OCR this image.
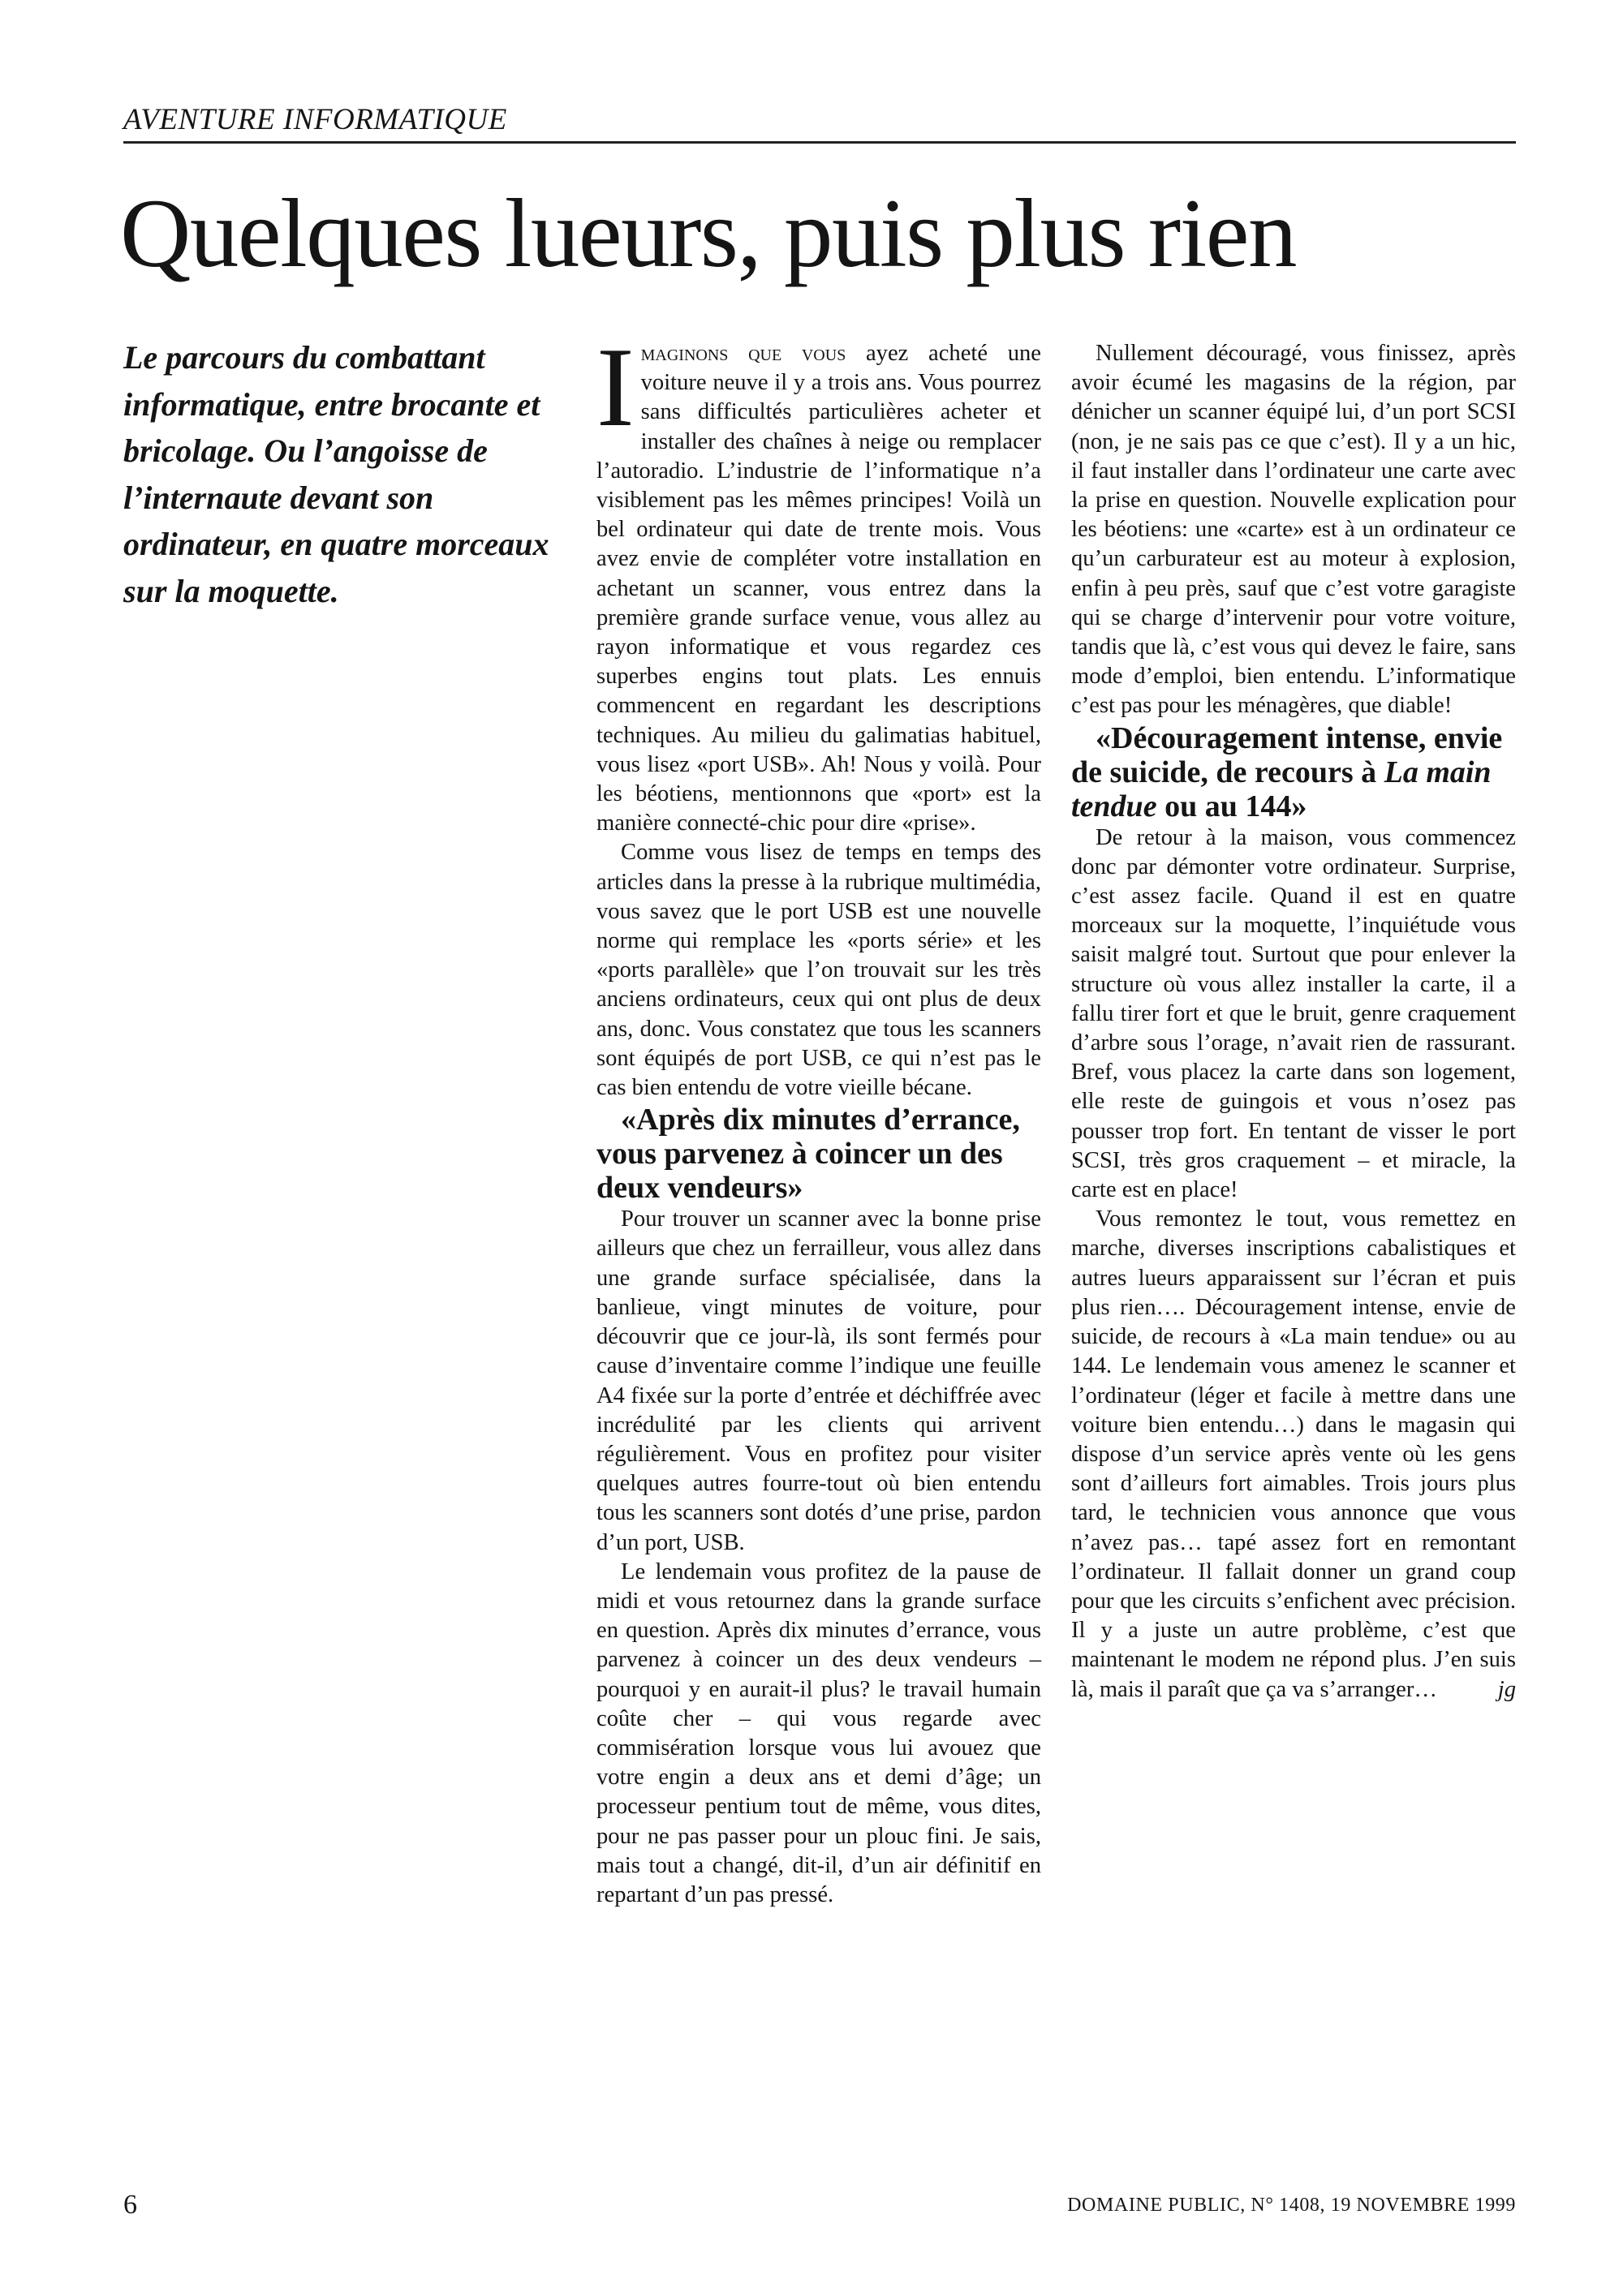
AVENTURE INFORMATIQUE
Quelques lueurs, puis plus rien

Le parcours du combattant informatique, entre brocante et bricolage. Ou l’angoisse de l’internaute devant son ordinateur, en quatre morceaux sur la moquette.

Imaginons que vous ayez acheté une voiture neuve il y a trois ans. Vous pourrez sans difficultés particulières acheter et installer des chaînes à neige ou remplacer l’autoradio. L’industrie de l’informatique n’a visiblement pas les mêmes principes! Voilà un bel ordinateur qui date de trente mois. Vous avez envie de compléter votre installation en achetant un scanner, vous entrez dans la première grande surface venue, vous allez au rayon informatique et vous regardez ces superbes engins tout plats. Les ennuis commencent en regardant les descriptions techniques. Au milieu du galimatias habituel, vous lisez «port USB». Ah! Nous y voilà. Pour les béotiens, mentionnons que «port» est la manière connecté-chic pour dire «prise».

Comme vous lisez de temps en temps des articles dans la presse à la rubrique multimédia, vous savez que le port USB est une nouvelle norme qui remplace les «ports série» et les «ports parallèle» que l’on trouvait sur les très anciens ordinateurs, ceux qui ont plus de deux ans, donc. Vous constatez que tous les scanners sont équipés de port USB, ce qui n’est pas le cas bien entendu de votre vieille bécane.

«Après dix minutes d’errance, vous parvenez à coincer un des deux vendeurs»

Pour trouver un scanner avec la bonne prise ailleurs que chez un ferrailleur, vous allez dans une grande surface spécialisée, dans la banlieue, vingt minutes de voiture, pour découvrir que ce jour-là, ils sont fermés pour cause d’inventaire comme l’indique une feuille A4 fixée sur la porte d’entrée et déchiffrée avec incrédulité par les clients qui arrivent régulièrement. Vous en profitez pour visiter quelques autres fourre-tout où bien entendu tous les scanners sont dotés d’une prise, pardon d’un port, USB.

Le lendemain vous profitez de la pause de midi et vous retournez dans la grande surface en question. Après dix minutes d’errance, vous parvenez à coincer un des deux vendeurs – pourquoi y en aurait-il plus? le travail humain coûte cher – qui vous regarde avec commisération lorsque vous lui avouez que votre engin a deux ans et demi d’âge; un processeur pentium tout de même, vous dites, pour ne pas passer pour un plouc fini. Je sais, mais tout a changé, dit-il, d’un air définitif en repartant d’un pas pressé.

Nullement découragé, vous finissez, après avoir écumé les magasins de la région, par dénicher un scanner équipé lui, d’un port SCSI (non, je ne sais pas ce que c’est). Il y a un hic, il faut installer dans l’ordinateur une carte avec la prise en question. Nouvelle explication pour les béotiens: une «carte» est à un ordinateur ce qu’un carburateur est au moteur à explosion, enfin à peu près, sauf que c’est votre garagiste qui se charge d’intervenir pour votre voiture, tandis que là, c’est vous qui devez le faire, sans mode d’emploi, bien entendu. L’informatique c’est pas pour les ménagères, que diable!

«Découragement intense, envie de suicide, de recours à La main tendue ou au 144»

De retour à la maison, vous commencez donc par démonter votre ordinateur. Surprise, c’est assez facile. Quand il est en quatre morceaux sur la moquette, l’inquiétude vous saisit malgré tout. Surtout que pour enlever la structure où vous allez installer la carte, il a fallu tirer fort et que le bruit, genre craquement d’arbre sous l’orage, n’avait rien de rassurant. Bref, vous placez la carte dans son logement, elle reste de guingois et vous n’osez pas pousser trop fort. En tentant de visser le port SCSI, très gros craquement – et miracle, la carte est en place!

Vous remontez le tout, vous remettez en marche, diverses inscriptions cabalistiques et autres lueurs apparaissent sur l’écran et puis plus rien…. Découragement intense, envie de suicide, de recours à «La main tendue» ou au 144. Le lendemain vous amenez le scanner et l’ordinateur (léger et facile à mettre dans une voiture bien entendu…) dans le magasin qui dispose d’un service après vente où les gens sont d’ailleurs fort aimables. Trois jours plus tard, le technicien vous annonce que vous n’avez pas… tapé assez fort en remontant l’ordinateur. Il fallait donner un grand coup pour que les circuits s’enfichent avec précision. Il y a juste un autre problème, c’est que maintenant le modem ne répond plus. J’en suis là, mais il paraît que ça va s’arranger…	jg

6	DOMAINE PUBLIC, N° 1408, 19 NOVEMBRE 1999
